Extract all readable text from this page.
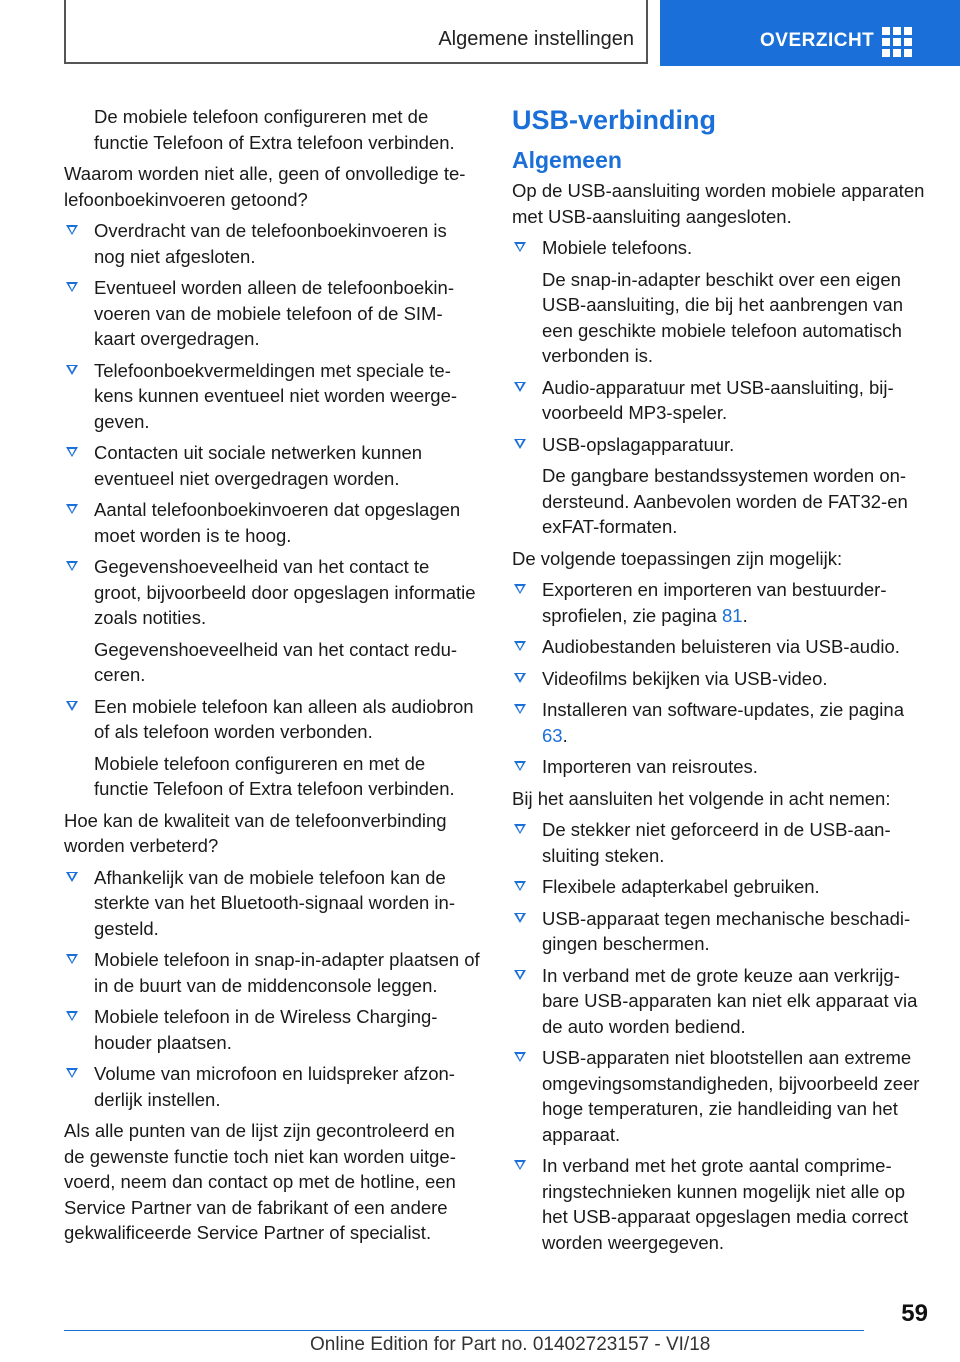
Algemene instellingen	OVERZICHT

De mobiele telefoon configureren met de functie Telefoon of Extra telefoon verbinden.

Waarom worden niet alle, geen of onvolledige telefoonboekinvoeren getoond?

Overdracht van de telefoonboekinvoeren is nog niet afgesloten.
Eventueel worden alleen de telefoonboekinvoeren van de mobiele telefoon of de SIM-kaart overgedragen.
Telefoonboekvermeldingen met speciale tekens kunnen eventueel niet worden weergegeven.
Contacten uit sociale netwerken kunnen eventueel niet overgedragen worden.
Aantal telefoonboekinvoeren dat opgeslagen moet worden is te hoog.
Gegevenshoeveelheid van het contact te groot, bijvoorbeeld door opgeslagen informatie zoals notities.
Gegevenshoeveelheid van het contact reduceren.
Een mobiele telefoon kan alleen als audiobron of als telefoon worden verbonden.
Mobiele telefoon configureren en met de functie Telefoon of Extra telefoon verbinden.

Hoe kan de kwaliteit van de telefoonverbinding worden verbeterd?

Afhankelijk van de mobiele telefoon kan de sterkte van het Bluetooth-signaal worden ingesteld.
Mobiele telefoon in snap-in-adapter plaatsen of in de buurt van de middenconsole leggen.
Mobiele telefoon in de Wireless Charging-houder plaatsen.
Volume van microfoon en luidspreker afzonderlijk instellen.

Als alle punten van de lijst zijn gecontroleerd en de gewenste functie toch niet kan worden uitgevoerd, neem dan contact op met de hotline, een Service Partner van de fabrikant of een andere gekwalificeerde Service Partner of specialist.

USB-verbinding
Algemeen

Op de USB-aansluiting worden mobiele apparaten met USB-aansluiting aangesloten.

Mobiele telefoons.
De snap-in-adapter beschikt over een eigen USB-aansluiting, die bij het aanbrengen van een geschikte mobiele telefoon automatisch verbonden is.
Audio-apparatuur met USB-aansluiting, bijvoorbeeld MP3-speler.
USB-opslagapparatuur.
De gangbare bestandssystemen worden ondersteund. Aanbevolen worden de FAT32-en exFAT-formaten.

De volgende toepassingen zijn mogelijk:

Exporteren en importeren van bestuurdersprofielen, zie pagina 81.
Audiobestanden beluisteren via USB-audio.
Videofilms bekijken via USB-video.
Installeren van software-updates, zie pagina 63.
Importeren van reisroutes.

Bij het aansluiten het volgende in acht nemen:

De stekker niet geforceerd in de USB-aansluiting steken.
Flexibele adapterkabel gebruiken.
USB-apparaat tegen mechanische beschadigingen beschermen.
In verband met de grote keuze aan verkrijgbare USB-apparaten kan niet elk apparaat via de auto worden bediend.
USB-apparaten niet blootstellen aan extreme omgevingsomstandigheden, bijvoorbeeld zeer hoge temperaturen, zie handleiding van het apparaat.
In verband met het grote aantal comprimeringstechnieken kunnen mogelijk niet alle op het USB-apparaat opgeslagen media correct worden weergegeven.
59
Online Edition for Part no. 01402723157 - VI/18
